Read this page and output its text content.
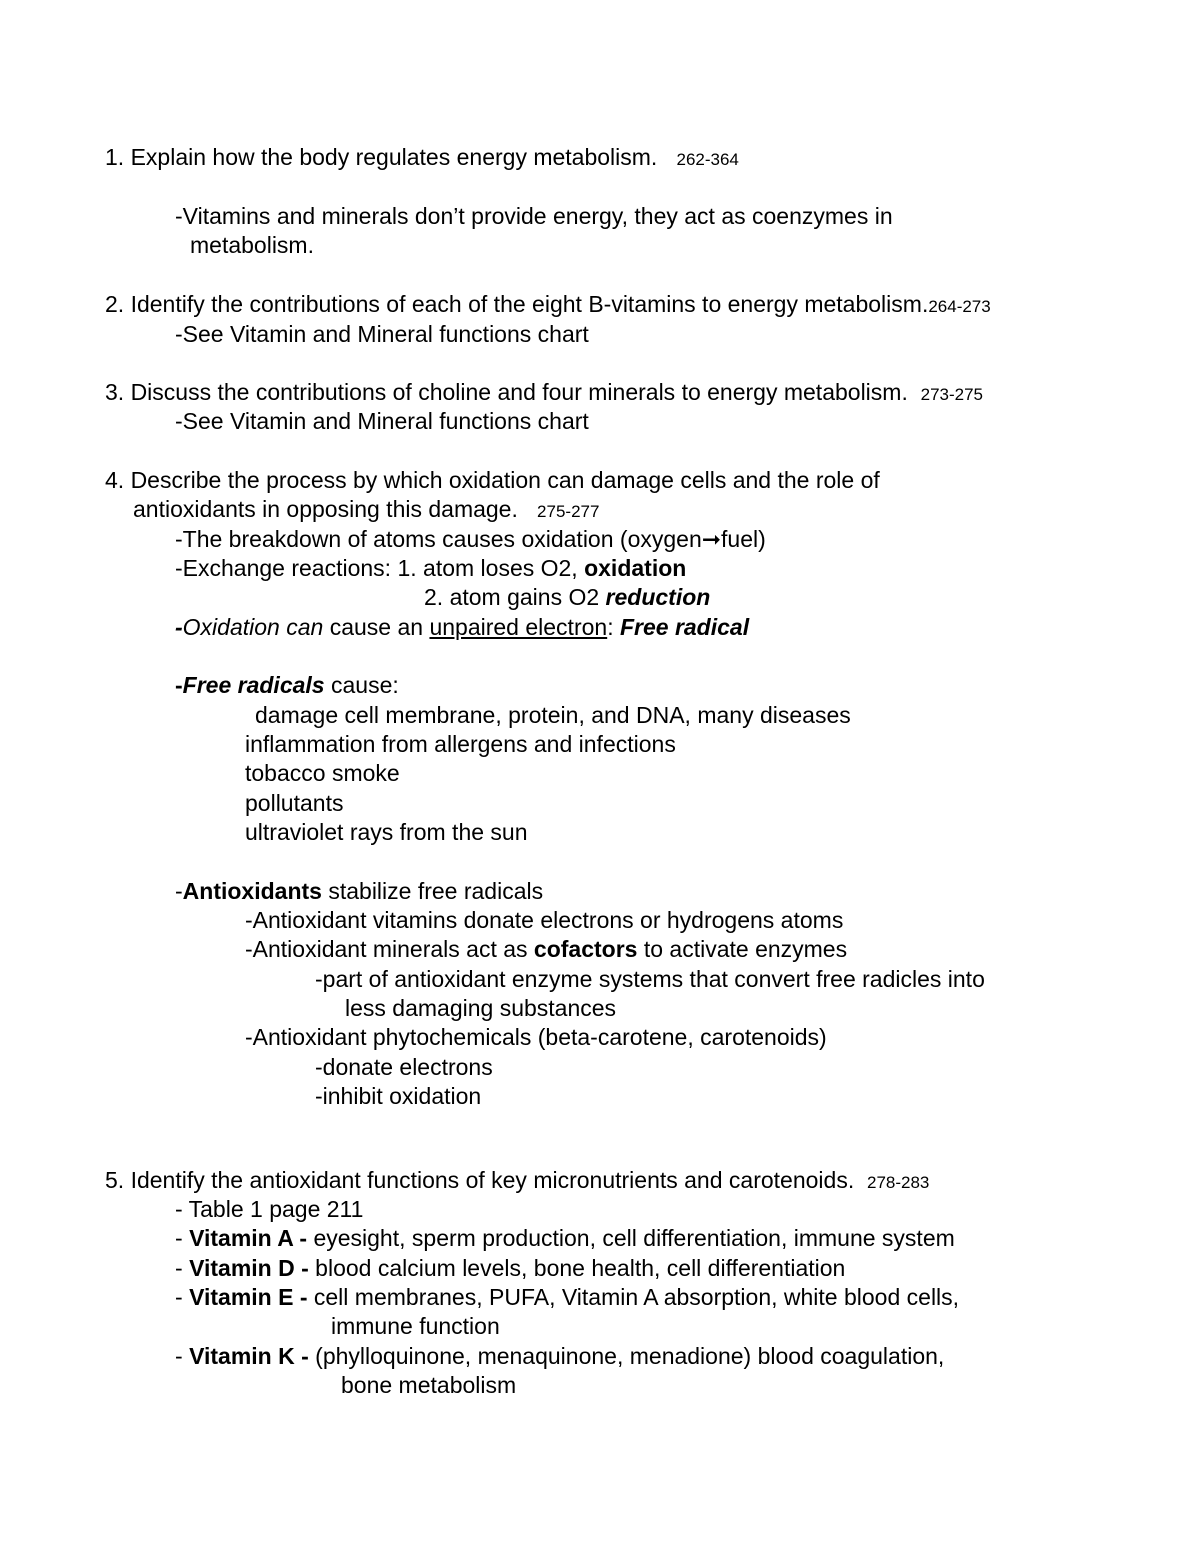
1. Explain how the body regulates energy metabolism. 262-364

-Vitamins and minerals don’t provide energy, they act as coenzymes in

metabolism.

2. Identify the contributions of each of the eight B-vitamins to energy metabolism.264-273

-See Vitamin and Mineral functions chart

3. Discuss the contributions of choline and four minerals to energy metabolism. 273-275

-See Vitamin and Mineral functions chart

4. Describe the process by which oxidation can damage cells and the role of

antioxidants in opposing this damage. 275-277

-The breakdown of atoms causes oxidation (oxygen➞fuel)

-Exchange reactions: 1. atom loses O2, oxidation

2. atom gains O2 reduction

-Oxidation can cause an unpaired electron: Free radical

-Free radicals cause:

damage cell membrane, protein, and DNA, many diseases

inflammation from allergens and infections

tobacco smoke

pollutants

ultraviolet rays from the sun

-Antioxidants stabilize free radicals

-Antioxidant vitamins donate electrons or hydrogens atoms

-Antioxidant minerals act as cofactors to activate enzymes

-part of antioxidant enzyme systems that convert free radicles into

less damaging substances

-Antioxidant phytochemicals (beta-carotene, carotenoids)

-donate electrons

-inhibit oxidation

5. Identify the antioxidant functions of key micronutrients and carotenoids. 278-283

- Table 1 page 211

- Vitamin A - eyesight, sperm production, cell differentiation, immune system

- Vitamin D - blood calcium levels, bone health, cell differentiation

- Vitamin E - cell membranes, PUFA, Vitamin A absorption, white blood cells,

immune function

- Vitamin K - (phylloquinone, menaquinone, menadione) blood coagulation,

bone metabolism
